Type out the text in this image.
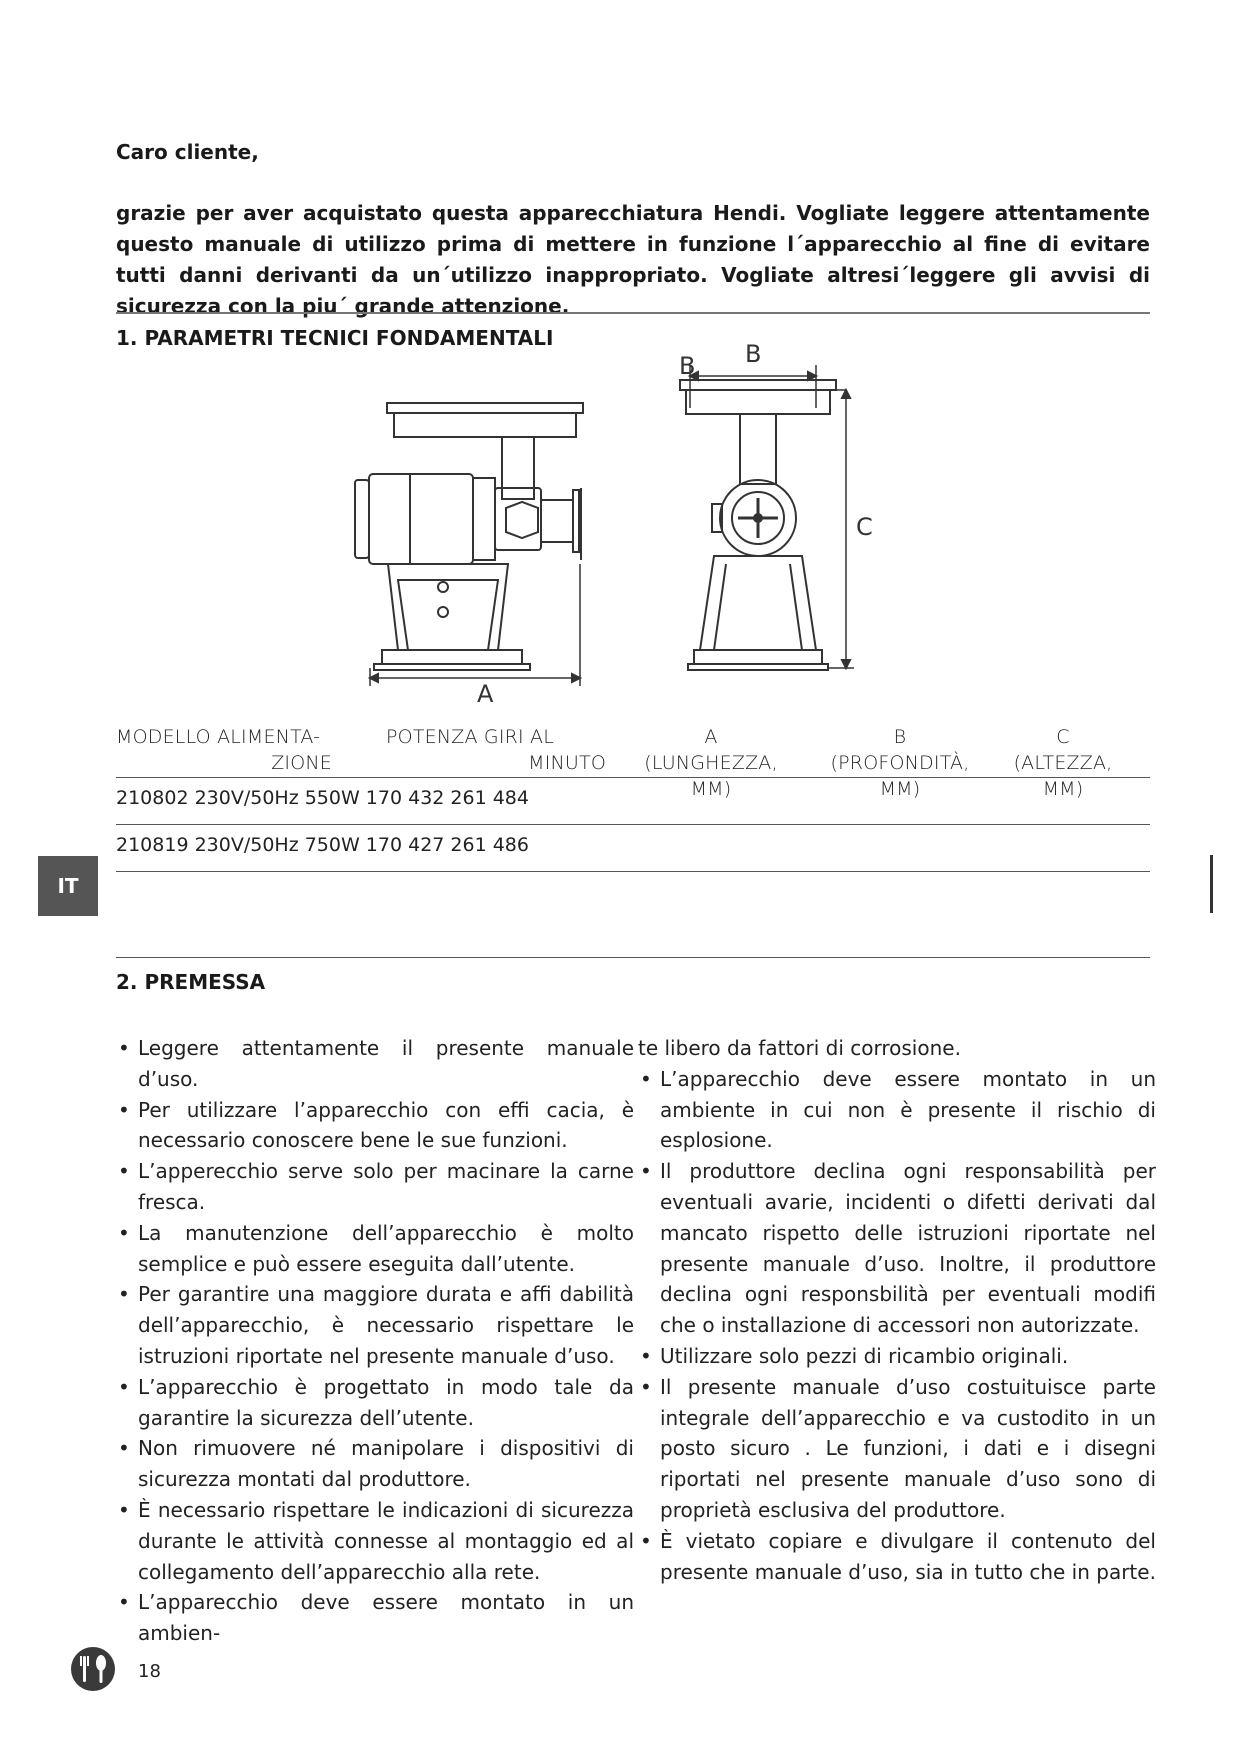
Caro cliente,
grazie per aver acquistato questa apparecchiatura Hendi. Vogliate leggere attentamente questo manuale di utilizzo prima di mettere in funzione l´apparecchio al fine di evitare tutti danni derivanti da un´utilizzo inappropriato. Vogliate altresi´leggere gli avvisi di sicurezza con la piu´ grande attenzione.
1. PARAMETRI TECNICI FONDAMENTALI
A
B
C
B
MODELLO ALIMENTA-
ZIONE
POTENZA GIRI AL
MINUTO
A
(LUNGHEZZA, MM)
B
(PROFONDITÀ, MM)
C
(ALTEZZA, MM)
210802 230V/50Hz 550W 170 432 261 484
210819 230V/50Hz 750W 170 427 261 486
IT
2. PREMESSA
• Leggere attentamente il presente manuale d’uso.
• Per utilizzare l’apparecchio con effi cacia, è necessario conoscere bene le sue funzioni.
• L’apperecchio serve solo per macinare la carne fresca.
• La manutenzione dell’apparecchio è molto semplice e può essere eseguita dall’utente.
• Per garantire una maggiore durata e affi dabilità dell’apparecchio, è necessario rispettare le istruzioni riportate nel presente manuale d’uso.
• L’apparecchio è progettato in modo tale da garantire la sicurezza dell’utente.
• Non rimuovere né manipolare i dispositivi di sicurezza montati dal produttore.
• È necessario rispettare le indicazioni di sicurezza durante le attività connesse al montaggio ed al collegamento dell’apparecchio alla rete.
• L’apparecchio deve essere montato in un ambien-
te libero da fattori di corrosione.
• L’apparecchio deve essere montato in un ambiente in cui non è presente il rischio di esplosione.
• Il produttore declina ogni responsabilità per eventuali avarie, incidenti o difetti derivati dal mancato rispetto delle istruzioni riportate nel presente manuale d’uso. Inoltre, il produttore declina ogni responsbilità per eventuali modifi che o installazione di accessori non autorizzate.
• Utilizzare solo pezzi di ricambio originali.
• Il presente manuale d’uso costuituisce parte integrale dell’apparecchio e va custodito in un posto sicuro . Le funzioni, i dati e i disegni riportati nel presente manuale d’uso sono di proprietà esclusiva del produttore.
• È vietato copiare e divulgare il contenuto del presente manuale d’uso, sia in tutto che in parte.
18
